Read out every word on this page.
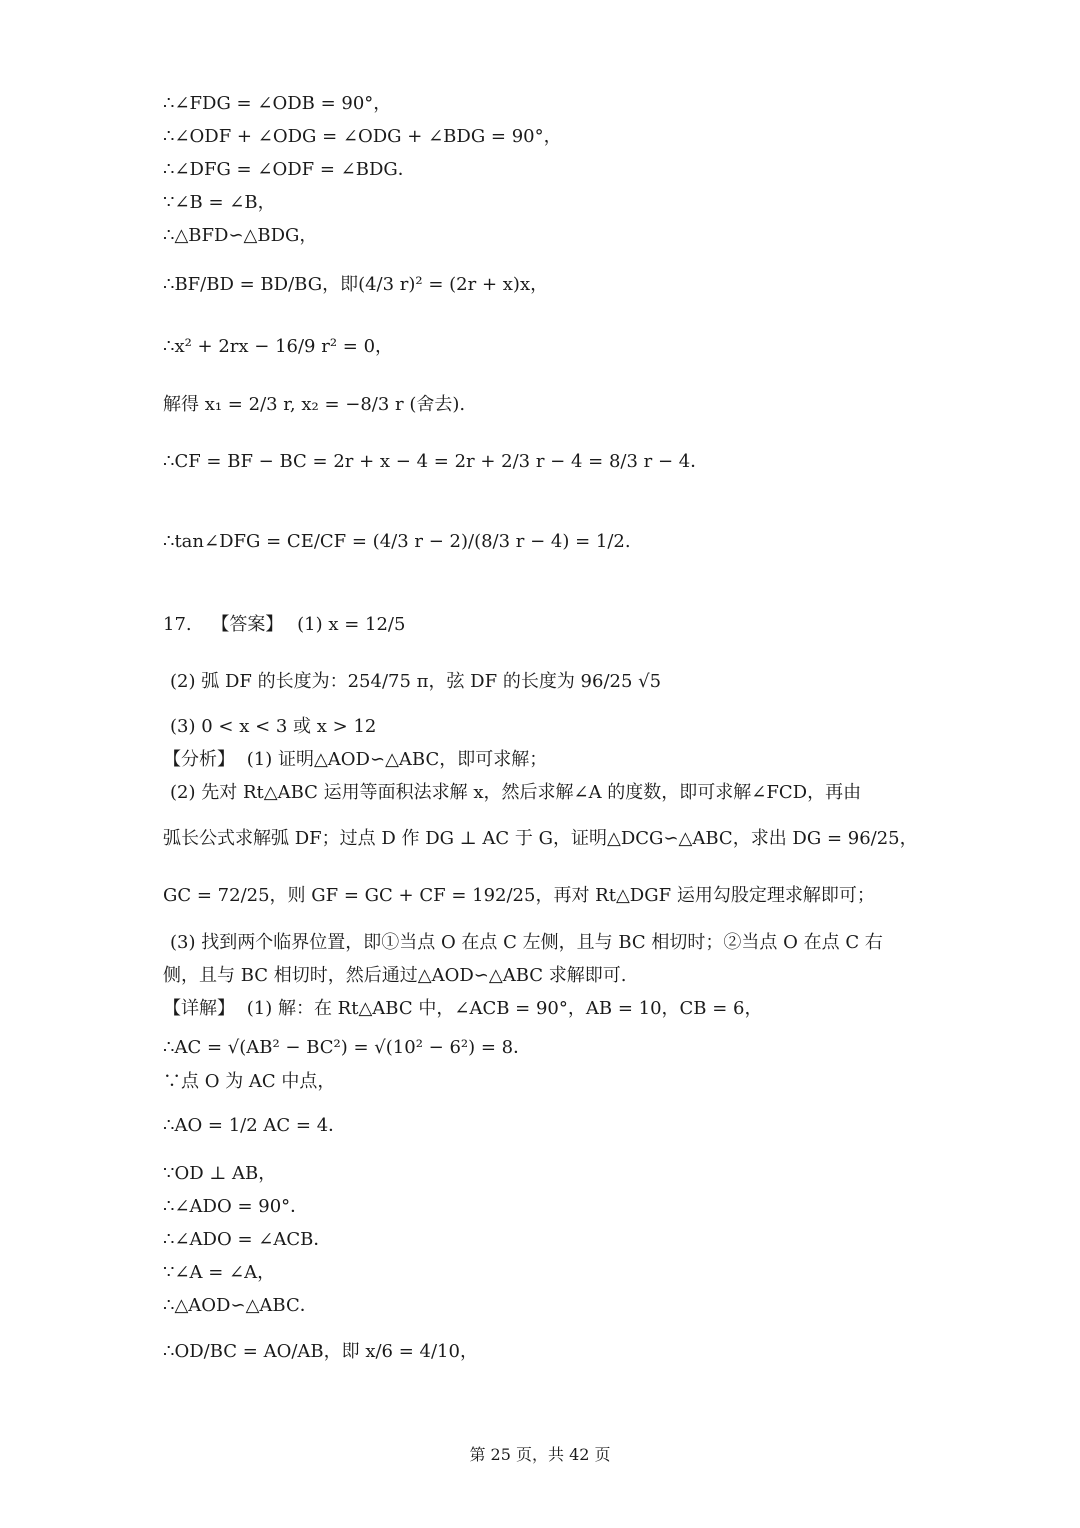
∴∠FDG = ∠ODB = 90°，
∴∠ODF + ∠ODG = ∠ODG + ∠BDG = 90°，
∴∠DFG = ∠ODF = ∠BDG．
∵∠B = ∠B，
∴△BFD∽△BDG，
∴BF/BD = BD/BG，即(4/3 r)² = (2r + x)x，
∴x² + 2rx − 16/9 r² = 0，
解得 x₁ = 2/3 r, x₂ = −8/3 r (舍去).
∴CF = BF − BC = 2r + x − 4 = 2r + 2/3 r − 4 = 8/3 r − 4．
∴tan∠DFG = CE/CF = (4/3 r − 2)/(8/3 r − 4) = 1/2.
17. 【答案】 (1) x = 12/5
(2) 弧 DF 的长度为：254/75 π，弦 DF 的长度为 96/25 √5
(3) 0 < x < 3 或 x > 12
【分析】 (1) 证明△AOD∽△ABC，即可求解；
(2) 先对 Rt△ABC 运用等面积法求解 x，然后求解∠A 的度数，即可求解∠FCD，再由
弧长公式求解弧 DF；过点 D 作 DG ⊥ AC 于 G，证明△DCG∽△ABC，求出 DG = 96/25，
GC = 72/25，则 GF = GC + CF = 192/25，再对 Rt△DGF 运用勾股定理求解即可；
(3) 找到两个临界位置，即①当点 O 在点 C 左侧，且与 BC 相切时；②当点 O 在点 C 右
侧，且与 BC 相切时，然后通过△AOD∽△ABC 求解即可.
【详解】 (1) 解：在 Rt△ABC 中，∠ACB = 90°，AB = 10，CB = 6，
∴AC = √(AB² − BC²) = √(10² − 6²) = 8．
∵点 O 为 AC 中点，
∴AO = 1/2 AC = 4．
∵OD ⊥ AB，
∴∠ADO = 90°．
∴∠ADO = ∠ACB．
∵∠A = ∠A，
∴△AOD∽△ABC．
∴OD/BC = AO/AB，即 x/6 = 4/10，
第 25 页，共 42 页
